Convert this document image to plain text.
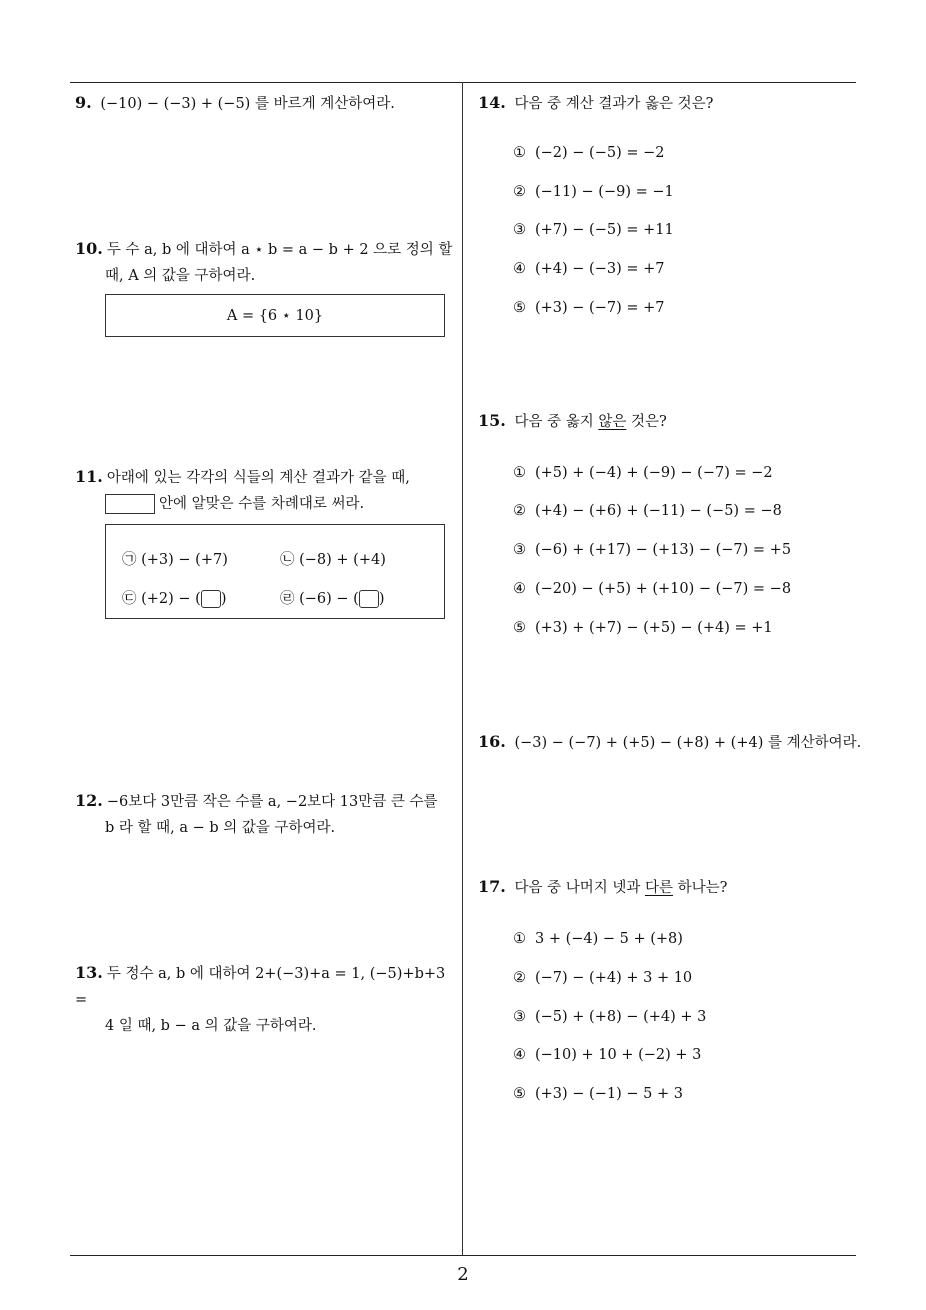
2
9. (−10) − (−3) + (−5) 를 바르게 계산하여라.
10. 두 수 a, b 에 대하여 a ⋆ b = a − b + 2 으로 정의 할
때, A 의 값을 구하여라.
A = {6 ⋆ 10}
11. 아래에 있는 각각의 식들의 계산 결과가 같을 때,
안에 알맞은 수를 차례대로 써라.
㉠ (+3) − (+7)	㉡ (−8) + (+4)
㉢ (+2) − ( )	㉣ (−6) − ( )
12. −6보다 3만큼 작은 수를 a, −2보다 13만큼 큰 수를
b 라 할 때, a − b 의 값을 구하여라.
13. 두 정수 a, b 에 대하여 2+(−3)+a = 1, (−5)+b+3 =
4 일 때, b − a 의 값을 구하여라.
14. 다음 중 계산 결과가 옳은 것은?
① (−2) − (−5) = −2
② (−11) − (−9) = −1
③ (+7) − (−5) = +11
④ (+4) − (−3) = +7
⑤ (+3) − (−7) = +7
15. 다음 중 옳지 않은 것은?
① (+5) + (−4) + (−9) − (−7) = −2
② (+4) − (+6) + (−11) − (−5) = −8
③ (−6) + (+17) − (+13) − (−7) = +5
④ (−20) − (+5) + (+10) − (−7) = −8
⑤ (+3) + (+7) − (+5) − (+4) = +1
16. (−3) − (−7) + (+5) − (+8) + (+4) 를 계산하여라.
17. 다음 중 나머지 넷과 다른 하나는?
① 3 + (−4) − 5 + (+8)
② (−7) − (+4) + 3 + 10
③ (−5) + (+8) − (+4) + 3
④ (−10) + 10 + (−2) + 3
⑤ (+3) − (−1) − 5 + 3
